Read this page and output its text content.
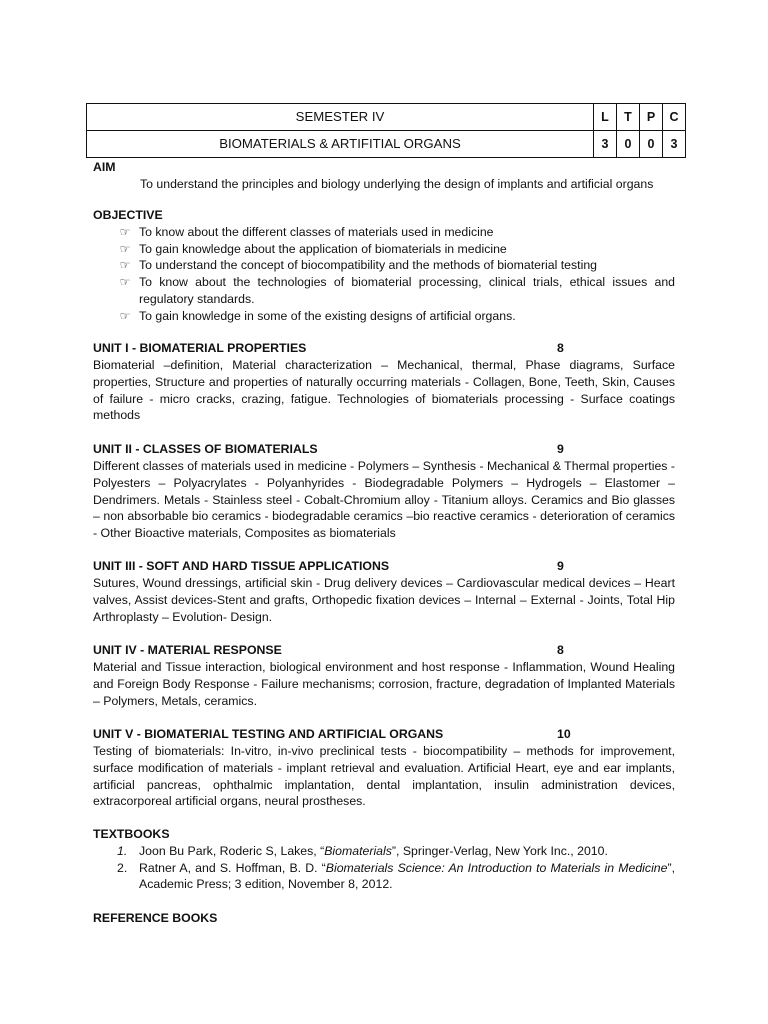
SEMESTER IV	L	T	P	C
BIOMATERIALS & ARTIFITIAL ORGANS	3	0	0	3
AIM
To understand the principles and biology underlying the design of implants and artificial organs
OBJECTIVE
☞ To know about the different classes of materials used in medicine
☞ To gain knowledge about the application of biomaterials in medicine
☞ To understand the concept of biocompatibility and the methods of biomaterial testing
☞ To know about the technologies of biomaterial processing, clinical trials, ethical issues and regulatory standards.
☞ To gain knowledge in some of the existing designs of artificial organs.
UNIT I - BIOMATERIAL PROPERTIES	8
Biomaterial –definition, Material characterization – Mechanical, thermal, Phase diagrams, Surface properties, Structure and properties of naturally occurring materials - Collagen, Bone, Teeth, Skin, Causes of failure - micro cracks, crazing, fatigue. Technologies of biomaterials processing - Surface coatings methods
UNIT II - CLASSES OF BIOMATERIALS	9
Different classes of materials used in medicine - Polymers – Synthesis - Mechanical & Thermal properties - Polyesters – Polyacrylates - Polyanhyrides - Biodegradable Polymers – Hydrogels – Elastomer – Dendrimers. Metals - Stainless steel - Cobalt-Chromium alloy - Titanium alloys. Ceramics and Bio glasses – non absorbable bio ceramics - biodegradable ceramics –bio reactive ceramics - deterioration of ceramics - Other Bioactive materials, Composites as biomaterials
UNIT III - SOFT AND HARD TISSUE APPLICATIONS	9
Sutures, Wound dressings, artificial skin - Drug delivery devices – Cardiovascular medical devices – Heart valves, Assist devices-Stent and grafts, Orthopedic fixation devices – Internal – External - Joints, Total Hip Arthroplasty – Evolution- Design.
UNIT IV - MATERIAL RESPONSE	8
Material and Tissue interaction, biological environment and host response - Inflammation, Wound Healing and Foreign Body Response - Failure mechanisms; corrosion, fracture, degradation of Implanted Materials – Polymers, Metals, ceramics.
UNIT V - BIOMATERIAL TESTING AND ARTIFICIAL ORGANS	10
Testing of biomaterials: In-vitro, in-vivo preclinical tests - biocompatibility – methods for improvement, surface modification of materials - implant retrieval and evaluation. Artificial Heart, eye and ear implants, artificial pancreas, ophthalmic implantation, dental implantation, insulin administration devices, extracorporeal artificial organs, neural prostheses.
TEXTBOOKS
1. Joon Bu Park, Roderic S, Lakes, “Biomaterials”, Springer-Verlag, New York Inc., 2010.
2. Ratner A, and S. Hoffman, B. D. “Biomaterials Science: An Introduction to Materials in Medicine”, Academic Press; 3 edition, November 8, 2012.
REFERENCE BOOKS
